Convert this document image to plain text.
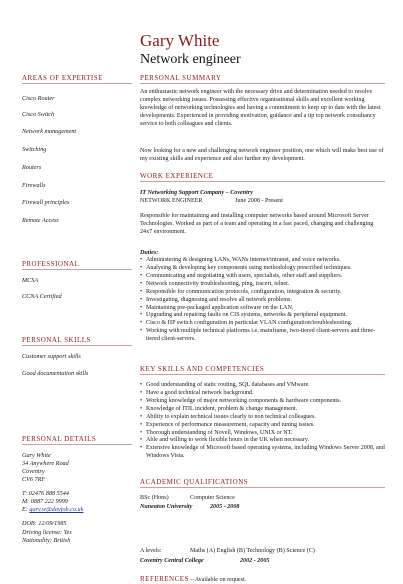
Gary White
Network engineer
AREAS OF EXPERTISE
Cisco Router
Cisco Switch
Network management
Switching
Routers
Firewalls
Firewall principles
Remote Access
PROFESSIONAL
MCSA
CCNA Certified
PERSONAL SKILLS
Customer support skills
Good documentation skills
PERSONAL DETAILS
Gary White
34 Anywhere Road
Coventry
CV6 7RF
T: 02476 888 5544
M: 0887 222 9999
E: gary.w@dayjob.co.uk
DOB: 12/09/1985
Driving license: Yes
Nationality: British
PERSONAL SUMMARY
An enthusiastic network engineer with the necessary drive and determination needed to resolve complex networking issues. Possessing effective organisational skills and excellent working knowledge of networking technologies and having a commitment to keep up to date with the latest developments. Experienced in providing motivation, guidance and a tip top network consultancy service to both colleagues and clients.
Now looking for a new and challenging network engineer position, one which will make best use of my existing skills and experience and also further my development.
WORK EXPERIENCE
IT Networking Support Company – Coventry
NETWORK ENGINEER	June 2008 - Present
Responsible for maintaining and installing computer networks based around Microsoft Server Technologies. Worked as part of a team and operating in a fast paced, changing and challenging 24x7 environment.
Duties:
• Administering & designing LANs, WANs internet/intranet, and voice networks.
• Analysing & developing key components using methodology prescribed techniques.
• Communicating and negotiating with users, specialists, other staff and suppliers.
• Network connectivity troubleshooting, ping, tracert, telnet.
• Responsible for communication protocols, configuration, integration & security.
• Investigating, diagnosing and resolve all network problems.
• Maintaining pre-packaged application software on the LAN.
• Upgrading and repairing faults on CIS systems, networks & peripheral equipment.
• Cisco & HP switch configuration in particular VLAN configuration/troubleshooting.
• Working with multiple technical platforms i.e. mainframe, two-tiered client-servers and three-tiered client-servers.
KEY SKILLS AND COMPETENCIES
• Good understanding of static routing, SQL databases and VMware.
• Have a good technical network background.
• Working knowledge of major networking components & hardware components.
• Knowledge of ITIL incident, problem & change management.
• Ability to explain technical issues clearly to non technical colleagues.
• Experience of performance measurement, capacity and tuning issues.
• Thorough understanding of Novell, Windows, UNIX or NT.
• Able and willing to work flexible hours in the UK when necessary.
• Extensive knowledge of Microsoft based operating systems, including Windows Server 2008, and Windows Vista.
ACADEMIC QUALIFICATIONS
BSc (Hons)	Computer Science
Nuneaton University	2005 - 2008
A levels:	Maths (A) English (B) Technology (B) Science (C)
Coventry Central College	2002 - 2005
REFERENCES – Available on request.
